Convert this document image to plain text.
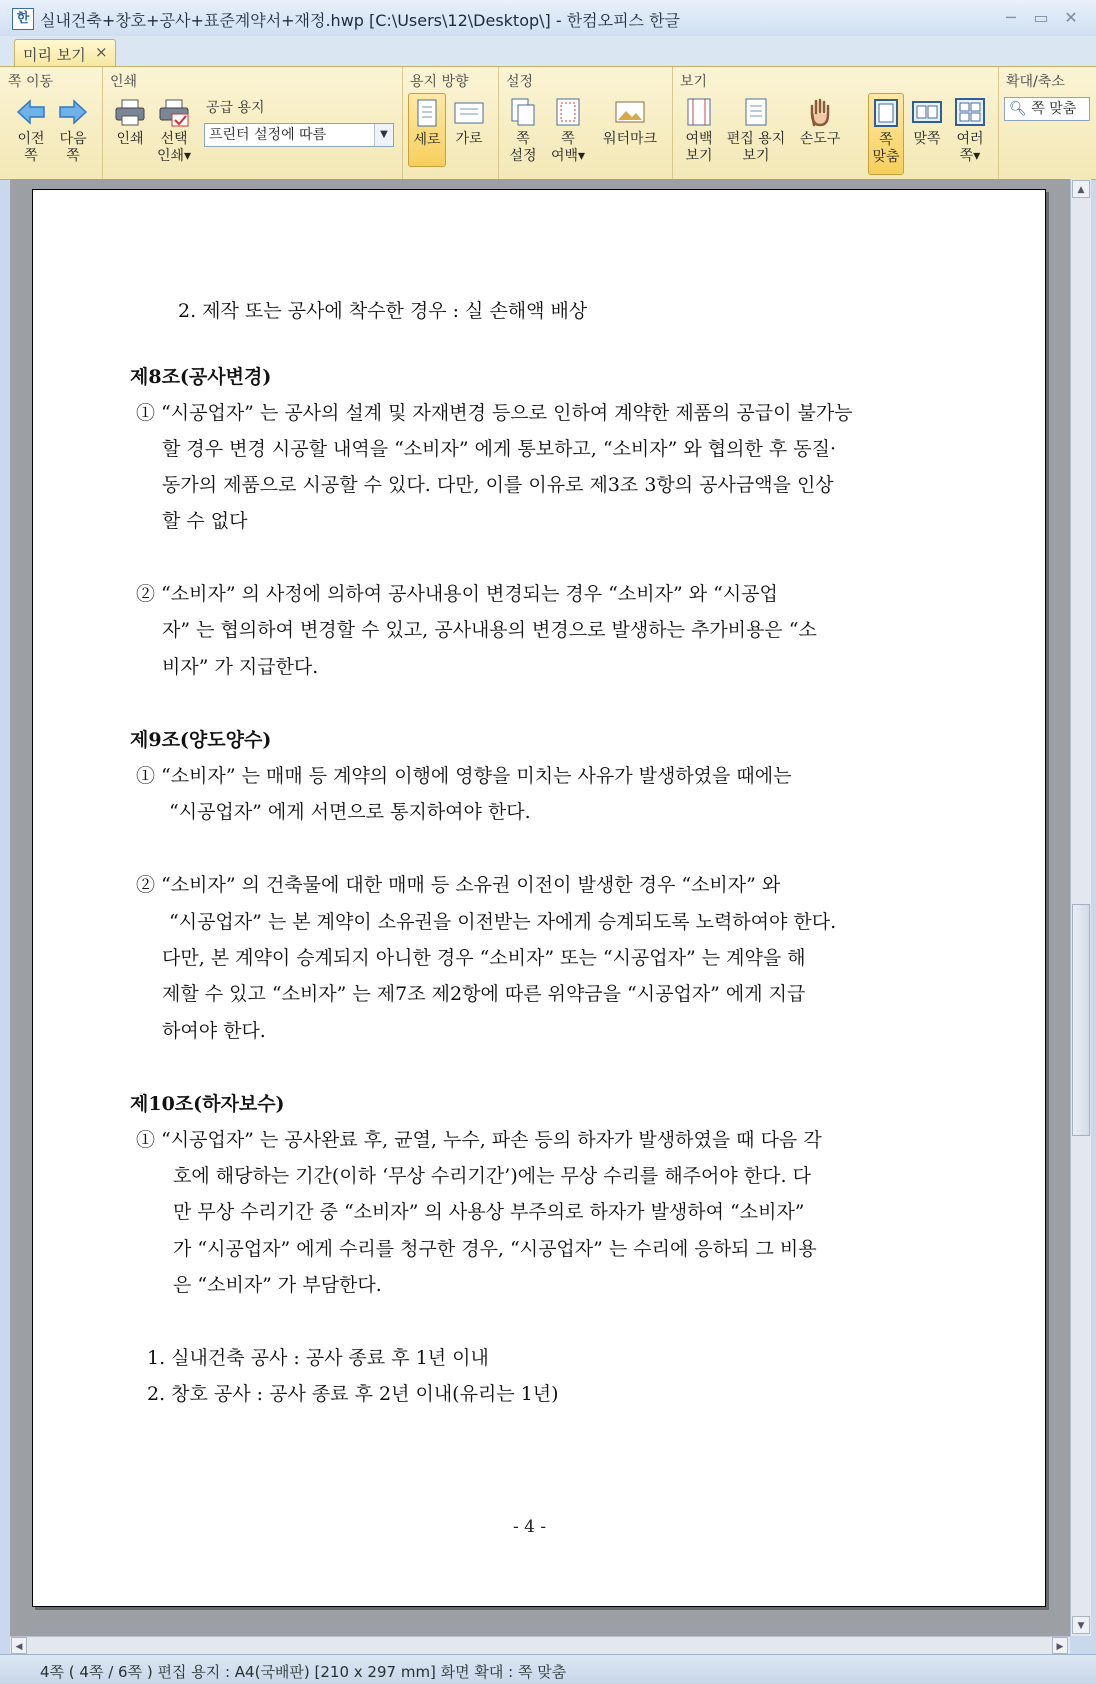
한 실내건축+창호+공사+표준계약서+재정.hwp [C:\Users\12\Desktop\] - 한컴오피스 한글	─	▭ ✕
미리 보기 ×
쪽 이동
이전
쪽
다음
쪽
인쇄
인쇄	선택
인쇄▾
공급 용지
프린터 설정에 따름	▼
용지 방향
세로	가로
설정
쪽
설정
쪽
여백▾
워터마크
보기
여백
보기
편집 용지
보기
손도구	쪽
맞춤
맞쪽	여러
쪽▾
확대/축소
🔍︎ 쪽 맞춤
2. 제작 또는 공사에 착수한 경우 : 실 손해액 배상
제8조(공사변경)
① “시공업자” 는 공사의 설계 및 자재변경 등으로 인하여 계약한 제품의 공급이 불가능
할 경우 변경 시공할 내역을 “소비자” 에게 통보하고, “소비자” 와 협의한 후 동질·
동가의 제품으로 시공할 수 있다. 다만, 이를 이유로 제3조 3항의 공사금액을 인상
할 수 없다
② “소비자” 의 사정에 의하여 공사내용이 변경되는 경우 “소비자” 와 “시공업
자” 는 협의하여 변경할 수 있고, 공사내용의 변경으로 발생하는 추가비용은 “소
비자” 가 지급한다.
제9조(양도양수)
① “소비자” 는 매매 등 계약의 이행에 영향을 미치는 사유가 발생하였을 때에는
“시공업자” 에게 서면으로 통지하여야 한다.
② “소비자” 의 건축물에 대한 매매 등 소유권 이전이 발생한 경우 “소비자” 와
“시공업자” 는 본 계약이 소유권을 이전받는 자에게 승계되도록 노력하여야 한다.
다만, 본 계약이 승계되지 아니한 경우 “소비자” 또는 “시공업자” 는 계약을 해
제할 수 있고 “소비자” 는 제7조 제2항에 따른 위약금을 “시공업자” 에게 지급
하여야 한다.
제10조(하자보수)
① “시공업자” 는 공사완료 후, 균열, 누수, 파손 등의 하자가 발생하였을 때 다음 각
호에 해당하는 기간(이하 ‘무상 수리기간’)에는 무상 수리를 해주어야 한다. 다
만 무상 수리기간 중 “소비자” 의 사용상 부주의로 하자가 발생하여 “소비자”
가 “시공업자” 에게 수리를 청구한 경우, “시공업자” 는 수리에 응하되 그 비용
은 “소비자” 가 부담한다.
1. 실내건축 공사 : 공사 종료 후 1년 이내
2. 창호 공사 : 공사 종료 후 2년 이내(유리는 1년)
- 4 -
▲
▼
◀	▶
4쪽 ( 4쪽 / 6쪽 ) 편집 용지 : A4(국배판) [210 x 297 mm] 화면 확대 : 쪽 맞춤
